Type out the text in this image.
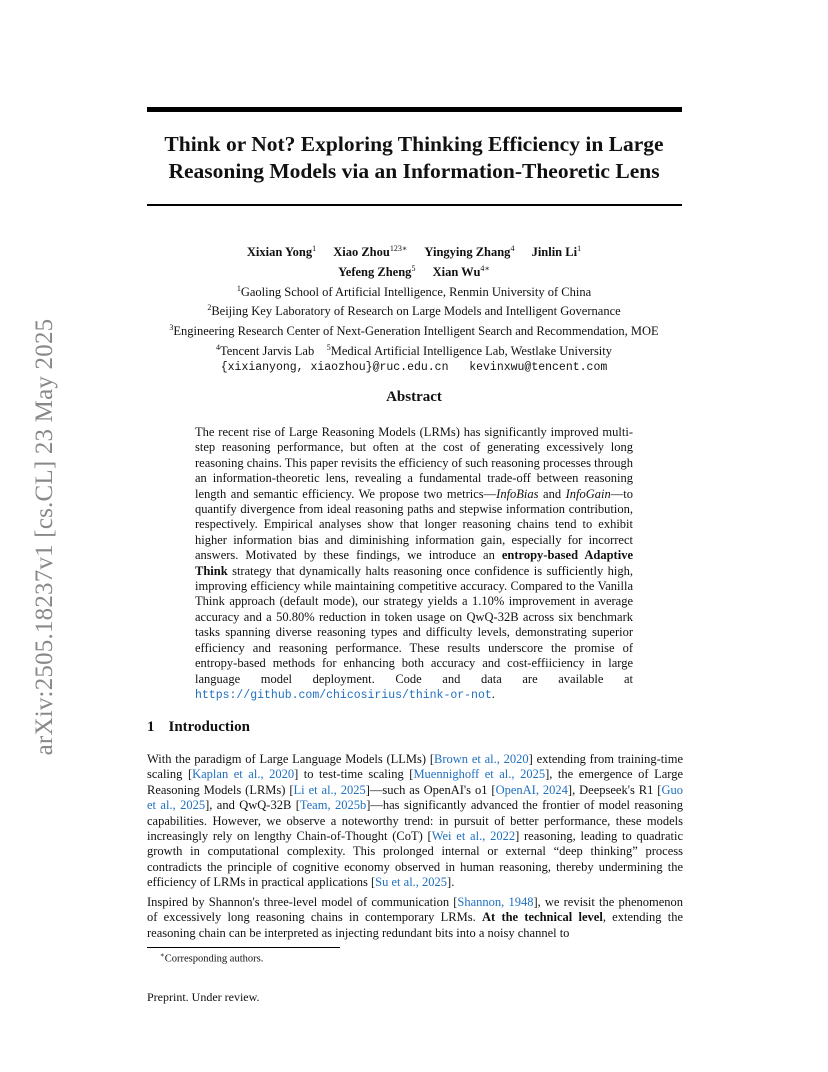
arXiv:2505.18237v1 [cs.CL] 23 May 2025
Think or Not? Exploring Thinking Efficiency in Large
Reasoning Models via an Information-Theoretic Lens
Xixian Yong$^1$ Xiao Zhou$^{123∗}$ Yingying Zhang$^4$ Jinlin Li$^1$
Yefeng Zheng$^5$ Xian $Wu^{4∗}$
$^1$Gaoling School of Artificial Intelligence, Renmin University of China
$^2$Beijing Key Laboratory of Research on Large Models and Intelligent Governance
$^3$Engineering Research Center of Next-Generation Intelligent Search and Recommendation, MOE
$^4$Tencent Jarvis Lab $^5$Medical Artificial Intelligence Lab, Westlake University
{xixianyong, xiaozhou}@ruc.edu.cn kevinxwu@tencent.com
Abstract

The recent rise of Large Reasoning Models (LRMs) has significantly improved multi-step reasoning performance, but often at the cost of generating excessively long reasoning chains. This paper revisits the efficiency of such reasoning processes through an information-theoretic lens, revealing a fundamental trade-off between reasoning length and semantic efficiency. We propose two metrics—InfoBias and InfoGain—to quantify divergence from ideal reasoning paths and stepwise information contribution, respectively. Empirical analyses show that longer reasoning chains tend to exhibit higher information bias and diminishing information gain, especially for incorrect answers. Motivated by these findings, we introduce an entropy-based Adaptive Think strategy that dynamically halts reasoning once confidence is sufficiently high, improving efficiency while maintaining competitive accuracy. Compared to the Vanilla Think approach (default mode), our strategy yields a 1.10% improvement in average accuracy and a 50.80% reduction in token usage on QwQ-32B across six benchmark tasks spanning diverse reasoning types and difficulty levels, demonstrating superior efficiency and reasoning performance. These results underscore the promise of entropy-based methods for enhancing both accuracy and cost-effiiciency in large language model deployment. Code and data are available at https://github.com/chicosirius/think-or-not.

1 Introduction

With the paradigm of Large Language Models (LLMs) [Brown et al., 2020] extending from training-time scaling [Kaplan et al., 2020] to test-time scaling [Muennighoff et al., 2025], the emergence of Large Reasoning Models (LRMs) [Li et al., 2025]—such as OpenAI's o1 [OpenAI, 2024], Deepseek's R1 [Guo et al., 2025], and QwQ-32B [Team, 2025b]—has significantly advanced the frontier of model reasoning capabilities. However, we observe a noteworthy trend: in pursuit of better performance, these models increasingly rely on lengthy Chain-of-Thought (CoT) [Wei et al., 2022] reasoning, leading to quadratic growth in computational complexity. This prolonged internal or external “deep thinking” process contradicts the principle of cognitive economy observed in human reasoning, thereby undermining the efficiency of LRMs in practical applications [Su et al., 2025].

Inspired by Shannon's three-level model of communication [Shannon, 1948], we revisit the phenomenon of excessively long reasoning chains in contemporary LRMs. At the technical level, extending the reasoning chain can be interpreted as injecting redundant bits into a noisy channel to

∗Corresponding authors.
Preprint. Under review.
